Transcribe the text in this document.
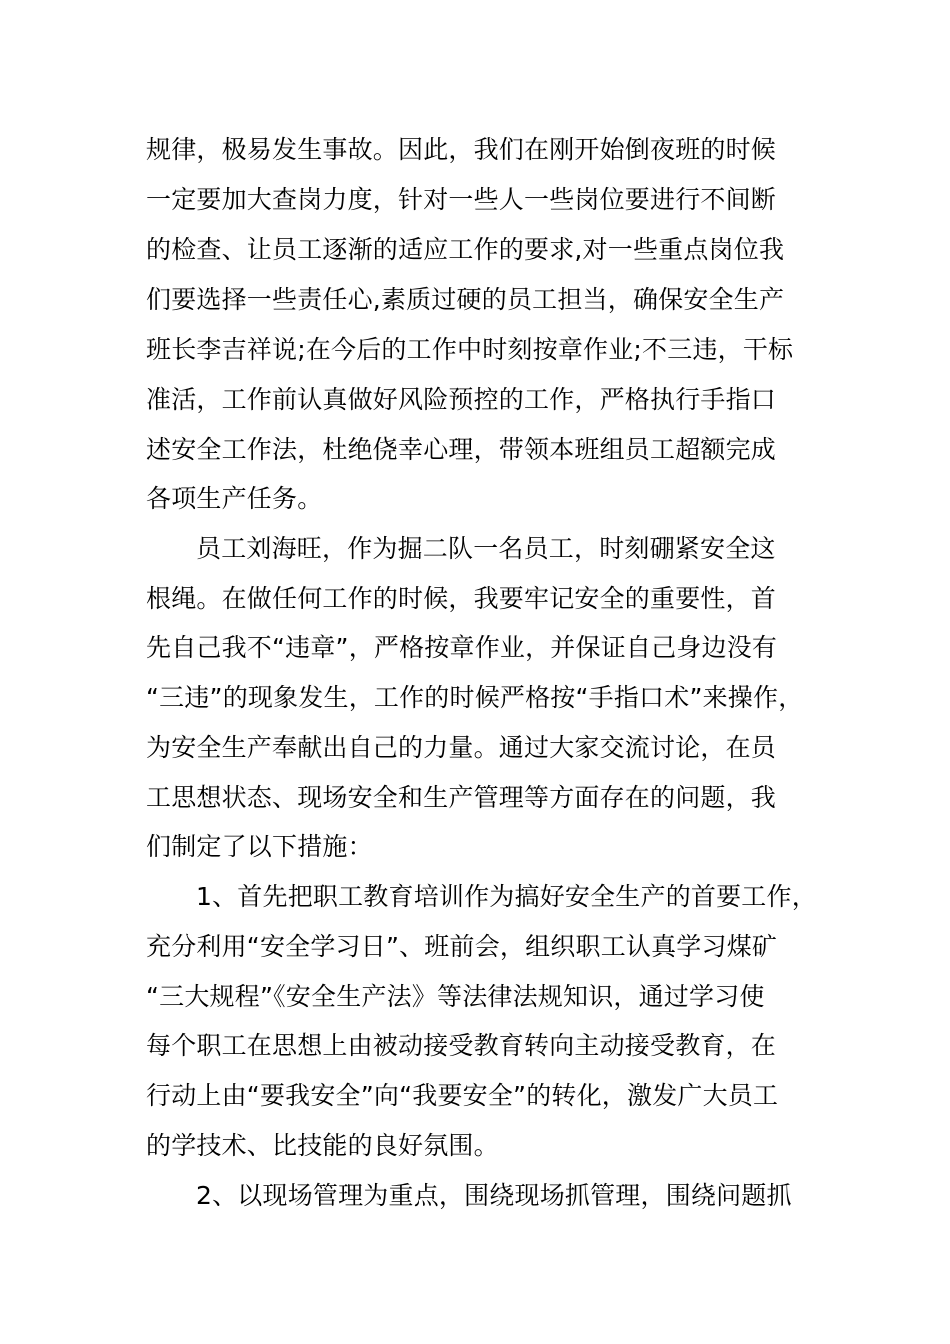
规律，极易发生事故。因此，我们在刚开始倒夜班的时候
一定要加大查岗力度，针对一些人一些岗位要进行不间断
的检查、让员工逐渐的适应工作的要求,对一些重点岗位我
们要选择一些责任心,素质过硬的员工担当，确保安全生产
班长李吉祥说;在今后的工作中时刻按章作业;不三违，干标
准活，工作前认真做好风险预控的工作，严格执行手指口
述安全工作法，杜绝侥幸心理，带领本班组员工超额完成
各项生产任务。
员工刘海旺，作为掘二队一名员工，时刻硼紧安全这
根绳。在做任何工作的时候，我要牢记安全的重要性，首
先自己我不“违章”，严格按章作业，并保证自己身边没有
“三违”的现象发生，工作的时候严格按“手指口术”来操作，
为安全生产奉献出自己的力量。通过大家交流讨论，在员
工思想状态、现场安全和生产管理等方面存在的问题，我
们制定了以下措施：
1、首先把职工教育培训作为搞好安全生产的首要工作，
充分利用“安全学习日”、班前会，组织职工认真学习煤矿
“三大规程”《安全生产法》等法律法规知识，通过学习使
每个职工在思想上由被动接受教育转向主动接受教育，在
行动上由“要我安全”向“我要安全”的转化，激发广大员工
的学技术、比技能的良好氛围。
2、以现场管理为重点，围绕现场抓管理，围绕问题抓
